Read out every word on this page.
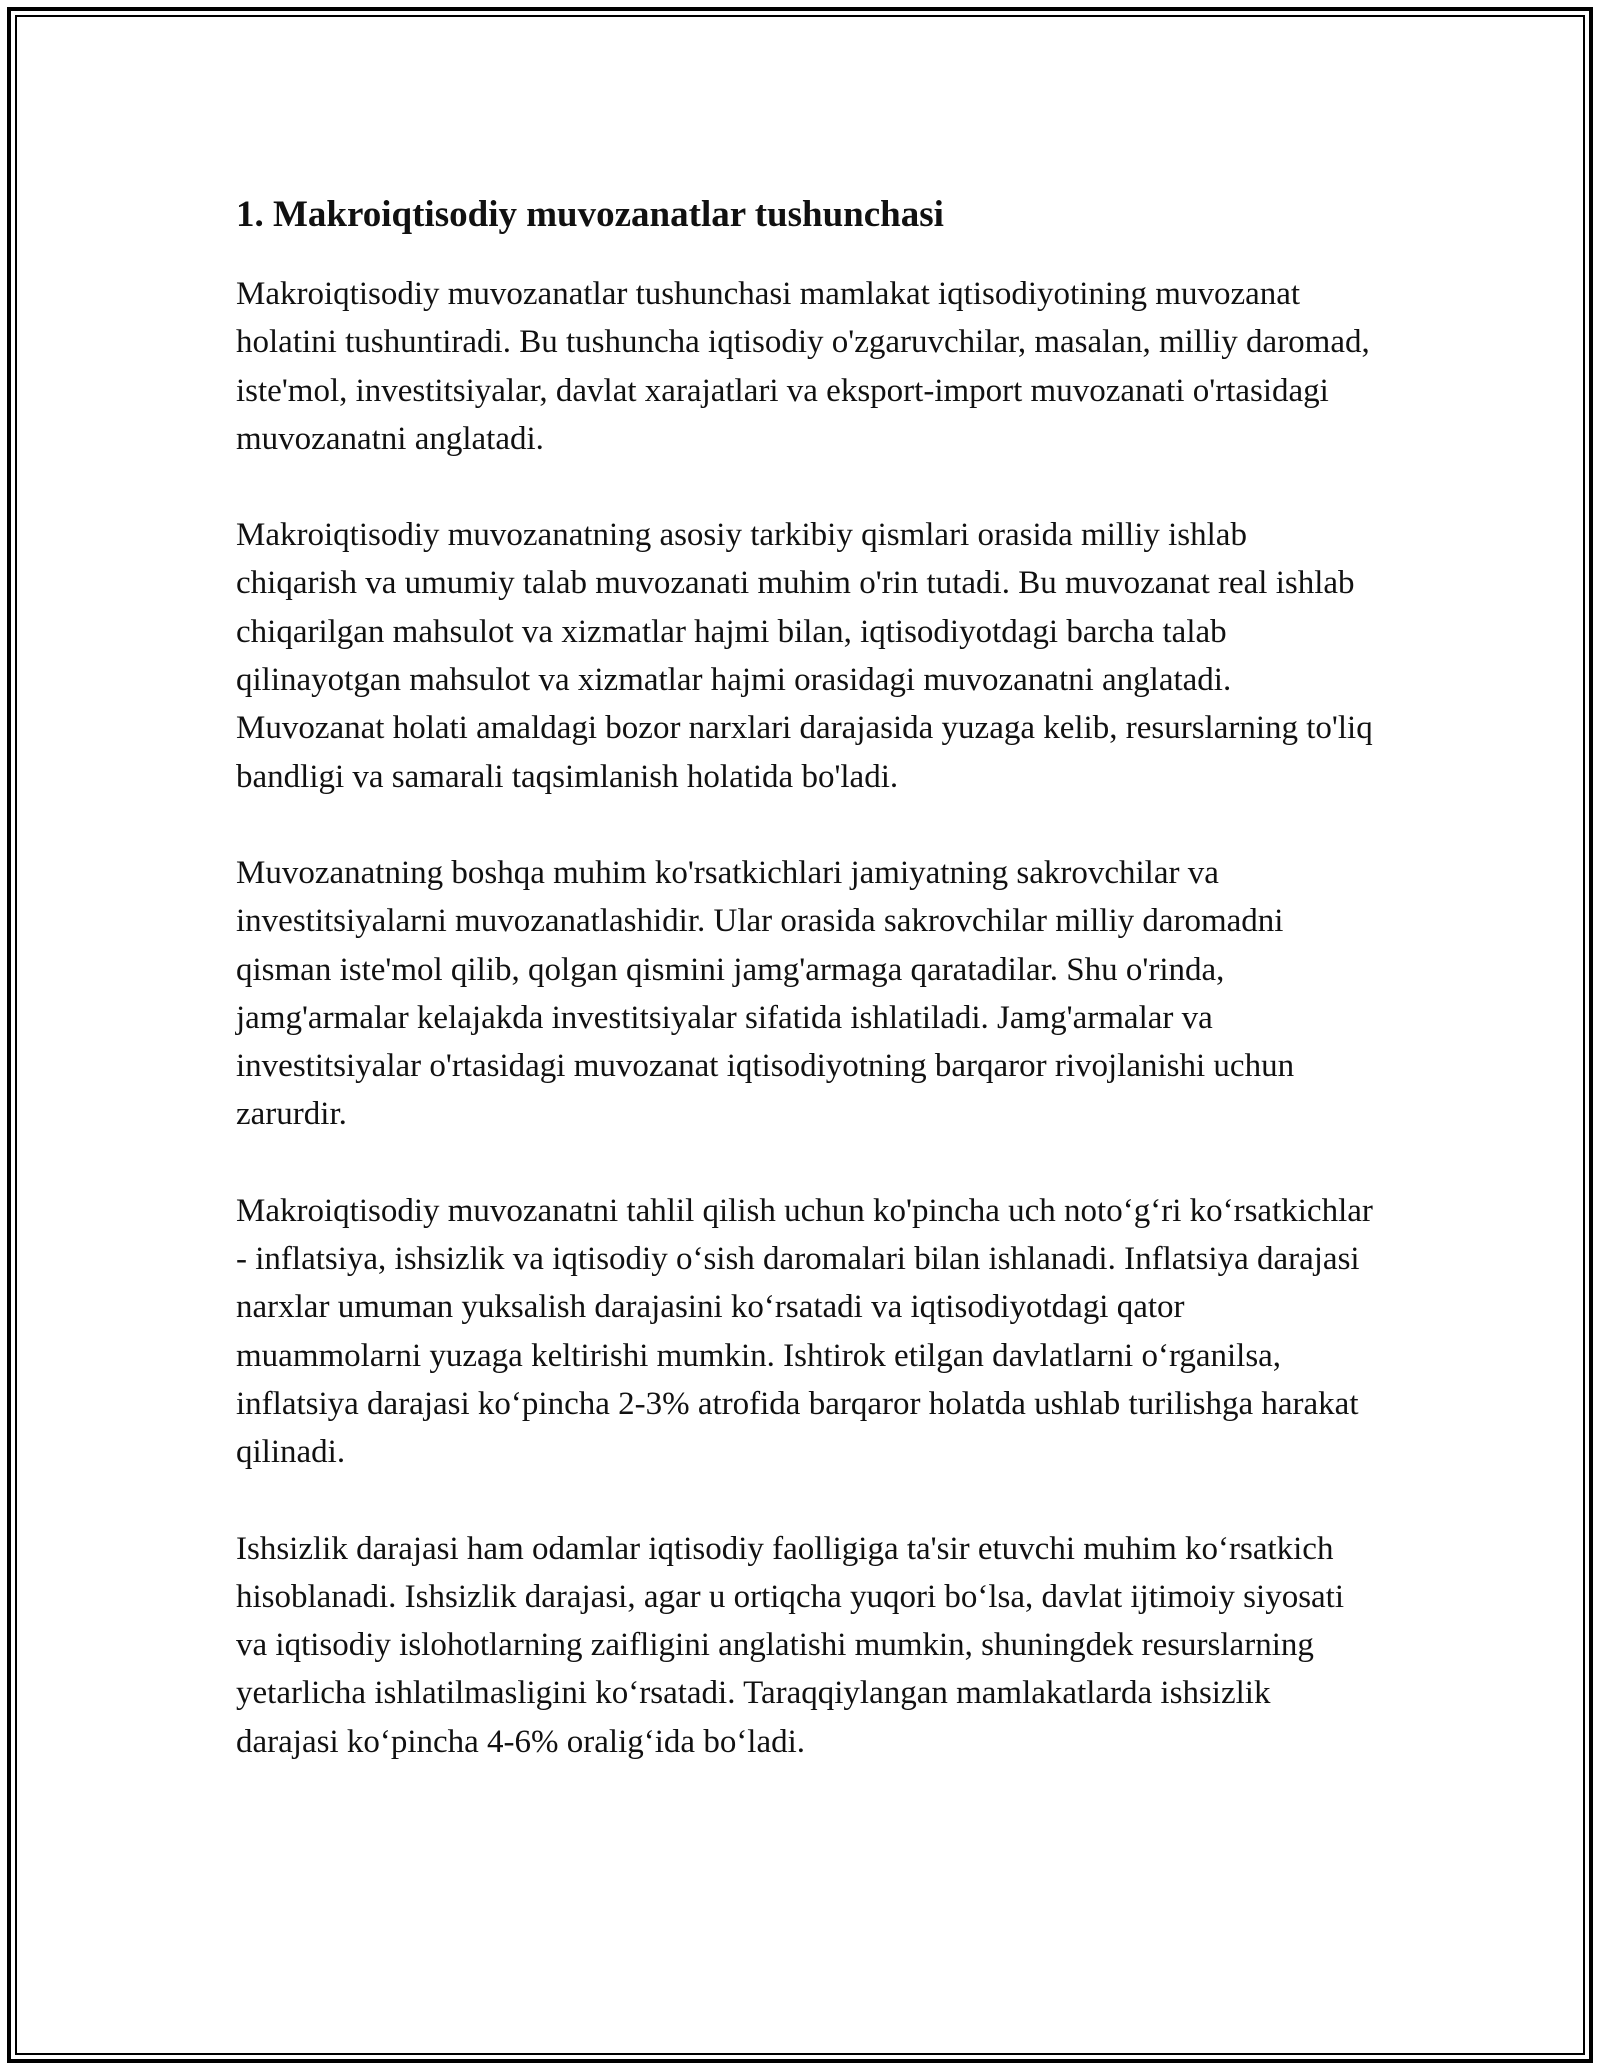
1. Makroiqtisodiy muvozanatlar tushunchasi

Makroiqtisodiy muvozanatlar tushunchasi mamlakat iqtisodiyotining muvozanat holatini tushuntiradi. Bu tushuncha iqtisodiy o'zgaruvchilar, masalan, milliy daromad, iste'mol, investitsiyalar, davlat xarajatlari va eksport-import muvozanati o'rtasidagi muvozanatni anglatadi.

Makroiqtisodiy muvozanatning asosiy tarkibiy qismlari orasida milliy ishlab chiqarish va umumiy talab muvozanati muhim o'rin tutadi. Bu muvozanat real ishlab chiqarilgan mahsulot va xizmatlar hajmi bilan, iqtisodiyotdagi barcha talab qilinayotgan mahsulot va xizmatlar hajmi orasidagi muvozanatni anglatadi. Muvozanat holati amaldagi bozor narxlari darajasida yuzaga kelib, resurslarning to'liq bandligi va samarali taqsimlanish holatida bo'ladi.

Muvozanatning boshqa muhim ko'rsatkichlari jamiyatning sakrovchilar va investitsiyalarni muvozanatlashidir. Ular orasida sakrovchilar milliy daromadni qisman iste'mol qilib, qolgan qismini jamg'armaga qaratadilar. Shu o'rinda, jamg'armalar kelajakda investitsiyalar sifatida ishlatiladi. Jamg'armalar va investitsiyalar o'rtasidagi muvozanat iqtisodiyotning barqaror rivojlanishi uchun zarurdir.

Makroiqtisodiy muvozanatni tahlil qilish uchun ko'pincha uch noto‘g‘ri ko‘rsatkichlar - inflatsiya, ishsizlik va iqtisodiy o‘sish daromalari bilan ishlanadi. Inflatsiya darajasi narxlar umuman yuksalish darajasini ko‘rsatadi va iqtisodiyotdagi qator muammolarni yuzaga keltirishi mumkin. Ishtirok etilgan davlatlarni o‘rganilsa, inflatsiya darajasi ko‘pincha 2-3% atrofida barqaror holatda ushlab turilishga harakat qilinadi.

Ishsizlik darajasi ham odamlar iqtisodiy faolligiga ta'sir etuvchi muhim ko‘rsatkich hisoblanadi. Ishsizlik darajasi, agar u ortiqcha yuqori bo‘lsa, davlat ijtimoiy siyosati va iqtisodiy islohotlarning zaifligini anglatishi mumkin, shuningdek resurslarning yetarlicha ishlatilmasligini ko‘rsatadi. Taraqqiylangan mamlakatlarda ishsizlik darajasi ko‘pincha 4-6% oralig‘ida bo‘ladi.
